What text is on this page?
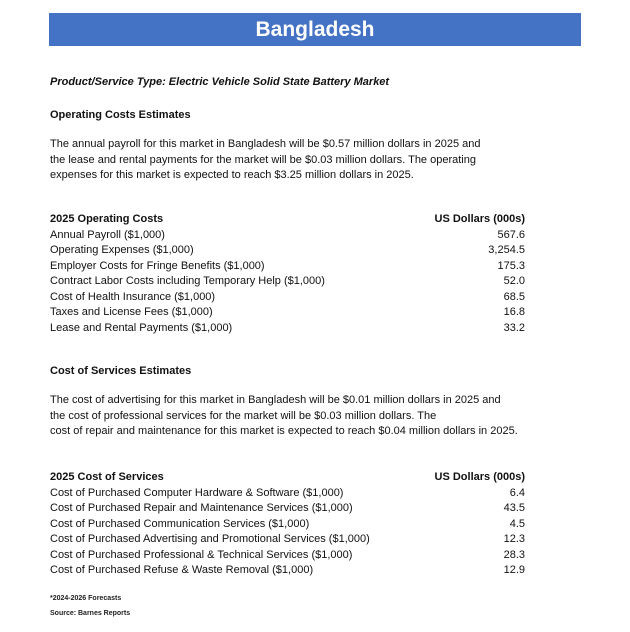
Bangladesh
Product/Service Type: Electric Vehicle Solid State Battery Market
Operating Costs Estimates
The annual payroll for this market in Bangladesh will be $0.57 million dollars in 2025 and
the lease and rental payments for the market will be $0.03 million dollars. The operating
expenses for this market is expected to reach $3.25 million dollars in 2025.
2025 Operating Costs	US Dollars (000s)
Annual Payroll ($1,000)	567.6
Operating Expenses ($1,000)	3,254.5
Employer Costs for Fringe Benefits ($1,000)	175.3
Contract Labor Costs including Temporary Help ($1,000)	52.0
Cost of Health Insurance ($1,000)	68.5
Taxes and License Fees ($1,000)	16.8
Lease and Rental Payments ($1,000)	33.2
Cost of Services Estimates
The cost of advertising for this market in Bangladesh will be $0.01 million dollars in 2025 and
the cost of professional services for the market will be $0.03 million dollars. The
cost of repair and maintenance for this market is expected to reach $0.04 million dollars in 2025.
2025 Cost of Services	US Dollars (000s)
Cost of Purchased Computer Hardware & Software ($1,000)	6.4
Cost of Purchased Repair and Maintenance Services ($1,000)	43.5
Cost of Purchased Communication Services ($1,000)	4.5
Cost of Purchased Advertising and Promotional Services ($1,000)	12.3
Cost of Purchased Professional & Technical Services ($1,000)	28.3
Cost of Purchased Refuse & Waste Removal ($1,000)	12.9
*2024-2026 Forecasts
Source: Barnes Reports
